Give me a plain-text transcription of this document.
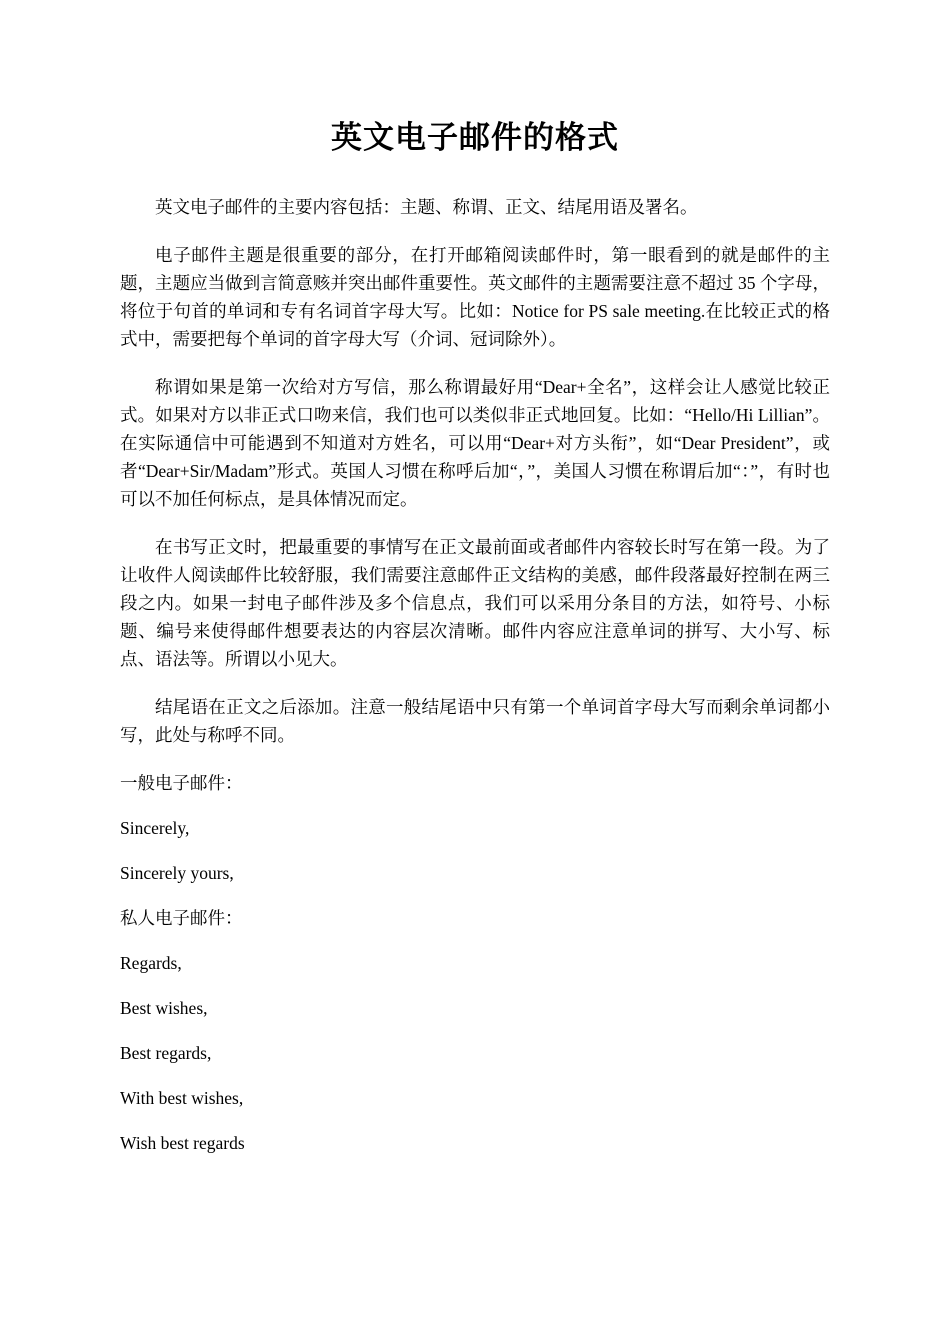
英文电子邮件的格式

英文电子邮件的主要内容包括：主题、称谓、正文、结尾用语及署名。

电子邮件主题是很重要的部分，在打开邮箱阅读邮件时，第一眼看到的就是邮件的主题，主题应当做到言简意赅并突出邮件重要性。英文邮件的主题需要注意不超过 35 个字母，将位于句首的单词和专有名词首字母大写。比如：Notice for PS sale meeting.在比较正式的格式中，需要把每个单词的首字母大写（介词、冠词除外）。

称谓如果是第一次给对方写信，那么称谓最好用“Dear+全名”，这样会让人感觉比较正式。如果对方以非正式口吻来信，我们也可以类似非正式地回复。比如：“Hello/Hi Lillian”。在实际通信中可能遇到不知道对方姓名，可以用“Dear+对方头衔”，如“Dear President”，或者“Dear+Sir/Madam”形式。英国人习惯在称呼后加“，”，美国人习惯在称谓后加“：”，有时也可以不加任何标点，是具体情况而定。

在书写正文时，把最重要的事情写在正文最前面或者邮件内容较长时写在第一段。为了让收件人阅读邮件比较舒服，我们需要注意邮件正文结构的美感，邮件段落最好控制在两三段之内。如果一封电子邮件涉及多个信息点，我们可以采用分条目的方法，如符号、小标题、编号来使得邮件想要表达的内容层次清晰。邮件内容应注意单词的拼写、大小写、标点、语法等。所谓以小见大。

结尾语在正文之后添加。注意一般结尾语中只有第一个单词首字母大写而剩余单词都小写，此处与称呼不同。

一般电子邮件：

Sincerely,

Sincerely yours,

私人电子邮件：

Regards,

Best wishes,

Best regards,

With best wishes,

Wish best regards
